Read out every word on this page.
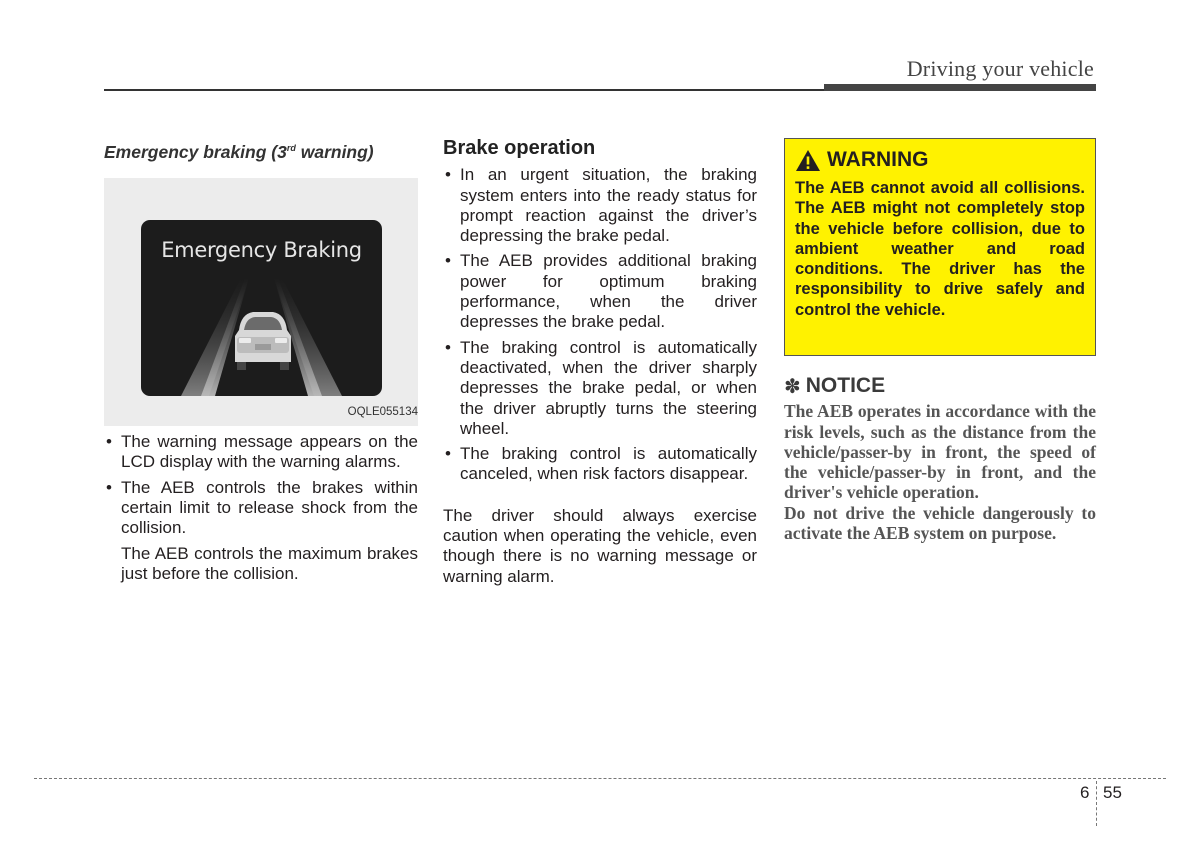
Driving your vehicle
Emergency braking (3rd warning)
Emergency Braking
OQLE055134
• The warning message appears on the LCD display with the warning alarms.
• The AEB controls the brakes within certain limit to release shock from the collision.
The AEB controls the maximum brakes just before the collision.
Brake operation
• In an urgent situation, the braking system enters into the ready status for prompt reaction against the driver’s depressing the brake pedal.
• The AEB provides additional braking power for optimum braking performance, when the driver depresses the brake pedal.
• The braking control is automatically deactivated, when the driver sharply depresses the brake pedal, or when the driver abruptly turns the steering wheel.
• The braking control is automatically canceled, when risk factors disappear.
The driver should always exercise caution when operating the vehicle, even though there is no warning message or warning alarm.
WARNING
The AEB cannot avoid all collisions. The AEB might not completely stop the vehicle before collision, due to ambient weather and road conditions. The driver has the responsibility to drive safely and control the vehicle.
✽ NOTICE
The AEB operates in accordance with the risk levels, such as the distance from the vehicle/passer-by in front, the speed of the vehicle/passer-by in front, and the driver's vehicle operation.
Do not drive the vehicle dangerously to activate the AEB system on purpose.
6 55
